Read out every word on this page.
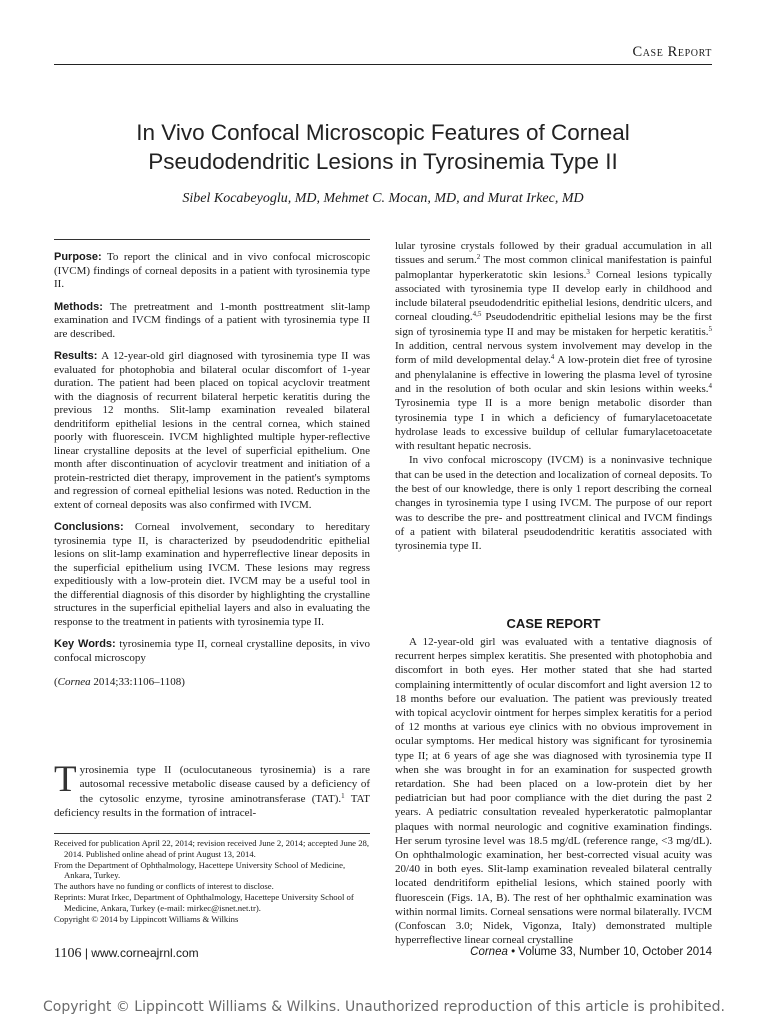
Case Report
In Vivo Confocal Microscopic Features of Corneal
Pseudodendritic Lesions in Tyrosinemia Type II
Sibel Kocabeyoglu, MD, Mehmet C. Mocan, MD, and Murat Irkec, MD

Purpose: To report the clinical and in vivo confocal microscopic (IVCM) findings of corneal deposits in a patient with tyrosinemia type II.

Methods: The pretreatment and 1-month posttreatment slit-lamp examination and IVCM findings of a patient with tyrosinemia type II are described.

Results: A 12-year-old girl diagnosed with tyrosinemia type II was evaluated for photophobia and bilateral ocular discomfort of 1-year duration. The patient had been placed on topical acyclovir treatment with the diagnosis of recurrent bilateral herpetic keratitis during the previous 12 months. Slit-lamp examination revealed bilateral dendritiform epithelial lesions in the central cornea, which stained poorly with fluorescein. IVCM highlighted multiple hyper-reflective linear crystalline deposits at the level of superficial epithelium. One month after discontinuation of acyclovir treatment and initiation of a protein-restricted diet therapy, improvement in the patient's symptoms and regression of corneal epithelial lesions was noted. Reduction in the extent of corneal deposits was also confirmed with IVCM.

Conclusions: Corneal involvement, secondary to hereditary tyrosinemia type II, is characterized by pseudodendritic epithelial lesions on slit-lamp examination and hyperreflective linear deposits in the superficial epithelium using IVCM. These lesions may regress expeditiously with a low-protein diet. IVCM may be a useful tool in the differential diagnosis of this disorder by highlighting the crystalline structures in the superficial epithelial layers and also in evaluating the response to the treatment in patients with tyrosinemia type II.

Key Words: tyrosinemia type II, corneal crystalline deposits, in vivo confocal microscopy

(Cornea 2014;33:1106–1108)

Tyrosinemia type II (oculocutaneous tyrosinemia) is a rare autosomal recessive metabolic disease caused by a deficiency of the cytosolic enzyme, tyrosine aminotransferase (TAT).$^1$ TAT deficiency results in the formation of intracel-

Received for publication April 22, 2014; revision received June 2, 2014; accepted June 28, 2014. Published online ahead of print August 13, 2014.

From the Department of Ophthalmology, Hacettepe University School of Medicine, Ankara, Turkey.

The authors have no funding or conflicts of interest to disclose.

Reprints: Murat Irkec, Department of Ophthalmology, Hacettepe University School of Medicine, Ankara, Turkey (e-mail: mirkec@isnet.net.tr).

Copyright © 2014 by Lippincott Williams & Wilkins

lular tyrosine crystals followed by their gradual accumulation in all tissues and serum.$^2$ The most common clinical manifestation is painful palmoplantar hyperkeratotic skin lesions.$^3$ Corneal lesions typically associated with tyrosinemia type II develop early in childhood and include bilateral pseudodendritic epithelial lesions, dendritic ulcers, and corneal clouding.$^{4,5}$ Pseudodendritic epithelial lesions may be the first sign of tyrosinemia type II and may be mistaken for herpetic keratitis.$^5$ In addition, central nervous system involvement may develop in the form of mild developmental delay.$^4$ A low-protein diet free of tyrosine and phenylalanine is effective in lowering the plasma level of tyrosine and in the resolution of both ocular and skin lesions within weeks.$^4$ Tyrosinemia type II is a more benign metabolic disorder than tyrosinemia type I in which a deficiency of fumarylacetoacetate hydrolase leads to excessive buildup of cellular fumarylacetoacetate with resultant hepatic necrosis.

In vivo confocal microscopy (IVCM) is a noninvasive technique that can be used in the detection and localization of corneal deposits. To the best of our knowledge, there is only 1 report describing the corneal changes in tyrosinemia type I using IVCM. The purpose of our report was to describe the pre- and posttreatment clinical and IVCM findings of a patient with bilateral pseudodendritic keratitis associated with tyrosinemia type II.

CASE REPORT

A 12-year-old girl was evaluated with a tentative diagnosis of recurrent herpes simplex keratitis. She presented with photophobia and discomfort in both eyes. Her mother stated that she had started complaining intermittently of ocular discomfort and light aversion 12 to 18 months before our evaluation. The patient was previously treated with topical acyclovir ointment for herpes simplex keratitis for a period of 12 months at various eye clinics with no obvious improvement in ocular symptoms. Her medical history was significant for tyrosinemia type II; at 6 years of age she was diagnosed with tyrosinemia type II when she was brought in for an examination for suspected growth retardation. She had been placed on a low-protein diet by her pediatrician but had poor compliance with the diet during the past 2 years. A pediatric consultation revealed hyperkeratotic palmoplantar plaques with normal neurologic and cognitive examination findings. Her serum tyrosine level was 18.5 mg/dL (reference range, <3 mg/dL). On ophthalmologic examination, her best-corrected visual acuity was 20/40 in both eyes. Slit-lamp examination revealed bilateral centrally located dendritiform epithelial lesions, which stained poorly with fluorescein (Figs. 1A, B). The rest of her ophthalmic examination was within normal limits. Corneal sensations were normal bilaterally. IVCM (Confoscan 3.0; Nidek, Vigonza, Italy) demonstrated multiple hyperreflective linear corneal crystalline

1106 | www.corneajrnl.com	Cornea • Volume 33, Number 10, October 2014
Copyright © Lippincott Williams & Wilkins. Unauthorized reproduction of this article is prohibited.
